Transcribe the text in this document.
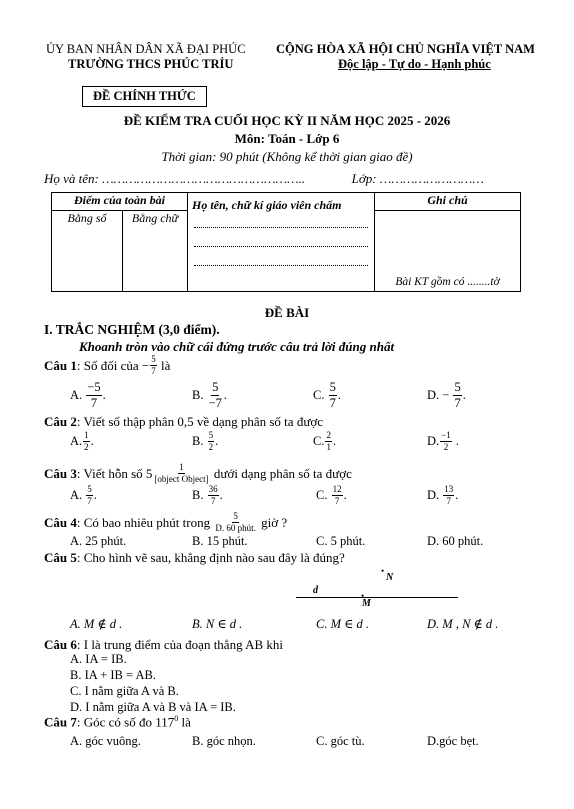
ỦY BAN NHÂN DÂN XÃ ĐẠI PHÚC
TRƯỜNG THCS PHÚC TRỈU
CỘNG HÒA XÃ HỘI CHỦ NGHĨA VIỆT NAM
Độc lập - Tự do - Hạnh phúc
ĐỀ CHÍNH THỨC
ĐỀ KIỂM TRA CUỐI HỌC KỲ II NĂM HỌC 2025 - 2026
Môn: Toán - Lớp 6
Thời gian: 90 phút (Không kể thời gian giao đề)
Họ và tên: ……………………………………………..	Lớp: ………………………
Điểm của toàn bài		Họ tên, chữ kí giáo viên chấm	Ghi chú
Bằng số	Bằng chữ		Bài KT gồm có ........tờ
ĐỀ BÀI
I. TRẮC NGHIỆM (3,0 điểm).
Khoanh tròn vào chữ cái đứng trước câu trả lời đúng nhất
Câu 1 : Số đối của
− $\frac{5}{7}$
là
A.
$\frac{-5}{7}$ .	B.
$\frac{5}{-7}$ .	C.
$\frac{5}{7}$ .	D.
−
$\frac{5}{7}$ .
Câu 2: Viết số thập phân 0,5 về dạng phân số ta được
A. $\frac{1}{2}$ .	B.
$\frac{5}{2}$ .	C. $\frac{2}{1}$ .	D. $\frac{-1}{2}$ .
Câu 3 : Viết hỗn số
$5 \frac{1}{\text{[object Object]}}$
dưới dạng phân số ta được
A.
$\frac{5}{7}$ .	B.
$\frac{36}{7}$ .	C.
$\frac{12}{7}$ .	D.
$\frac{13}{7}$ .
Câu 4 : Có bao nhiêu phút trong
$\frac{5}{\text{D. 60 phút.}}$
giờ ?
A. 25 phút.	B. 15 phút.	C. 5 phút.	D. 60 phút.
Câu 5: Cho hình vẽ sau, khẳng định nào sau đây là đúng?
•
N
d	•
M
A. M ∉ d .	B. N ∈ d .	C. M ∈ d .	D. M , N ∉ d .
Câu 6: I là trung điểm của đoạn thẳng AB khi
A. IA = IB.
B. IA + IB = AB.
C. I nằm giữa A và B.
D. I nằm giữa A và B và IA = IB.
Câu 7: Góc có số đo $117^0$ là
A. góc vuông.	B. góc nhọn.	C. góc tù.	D.góc bẹt.
